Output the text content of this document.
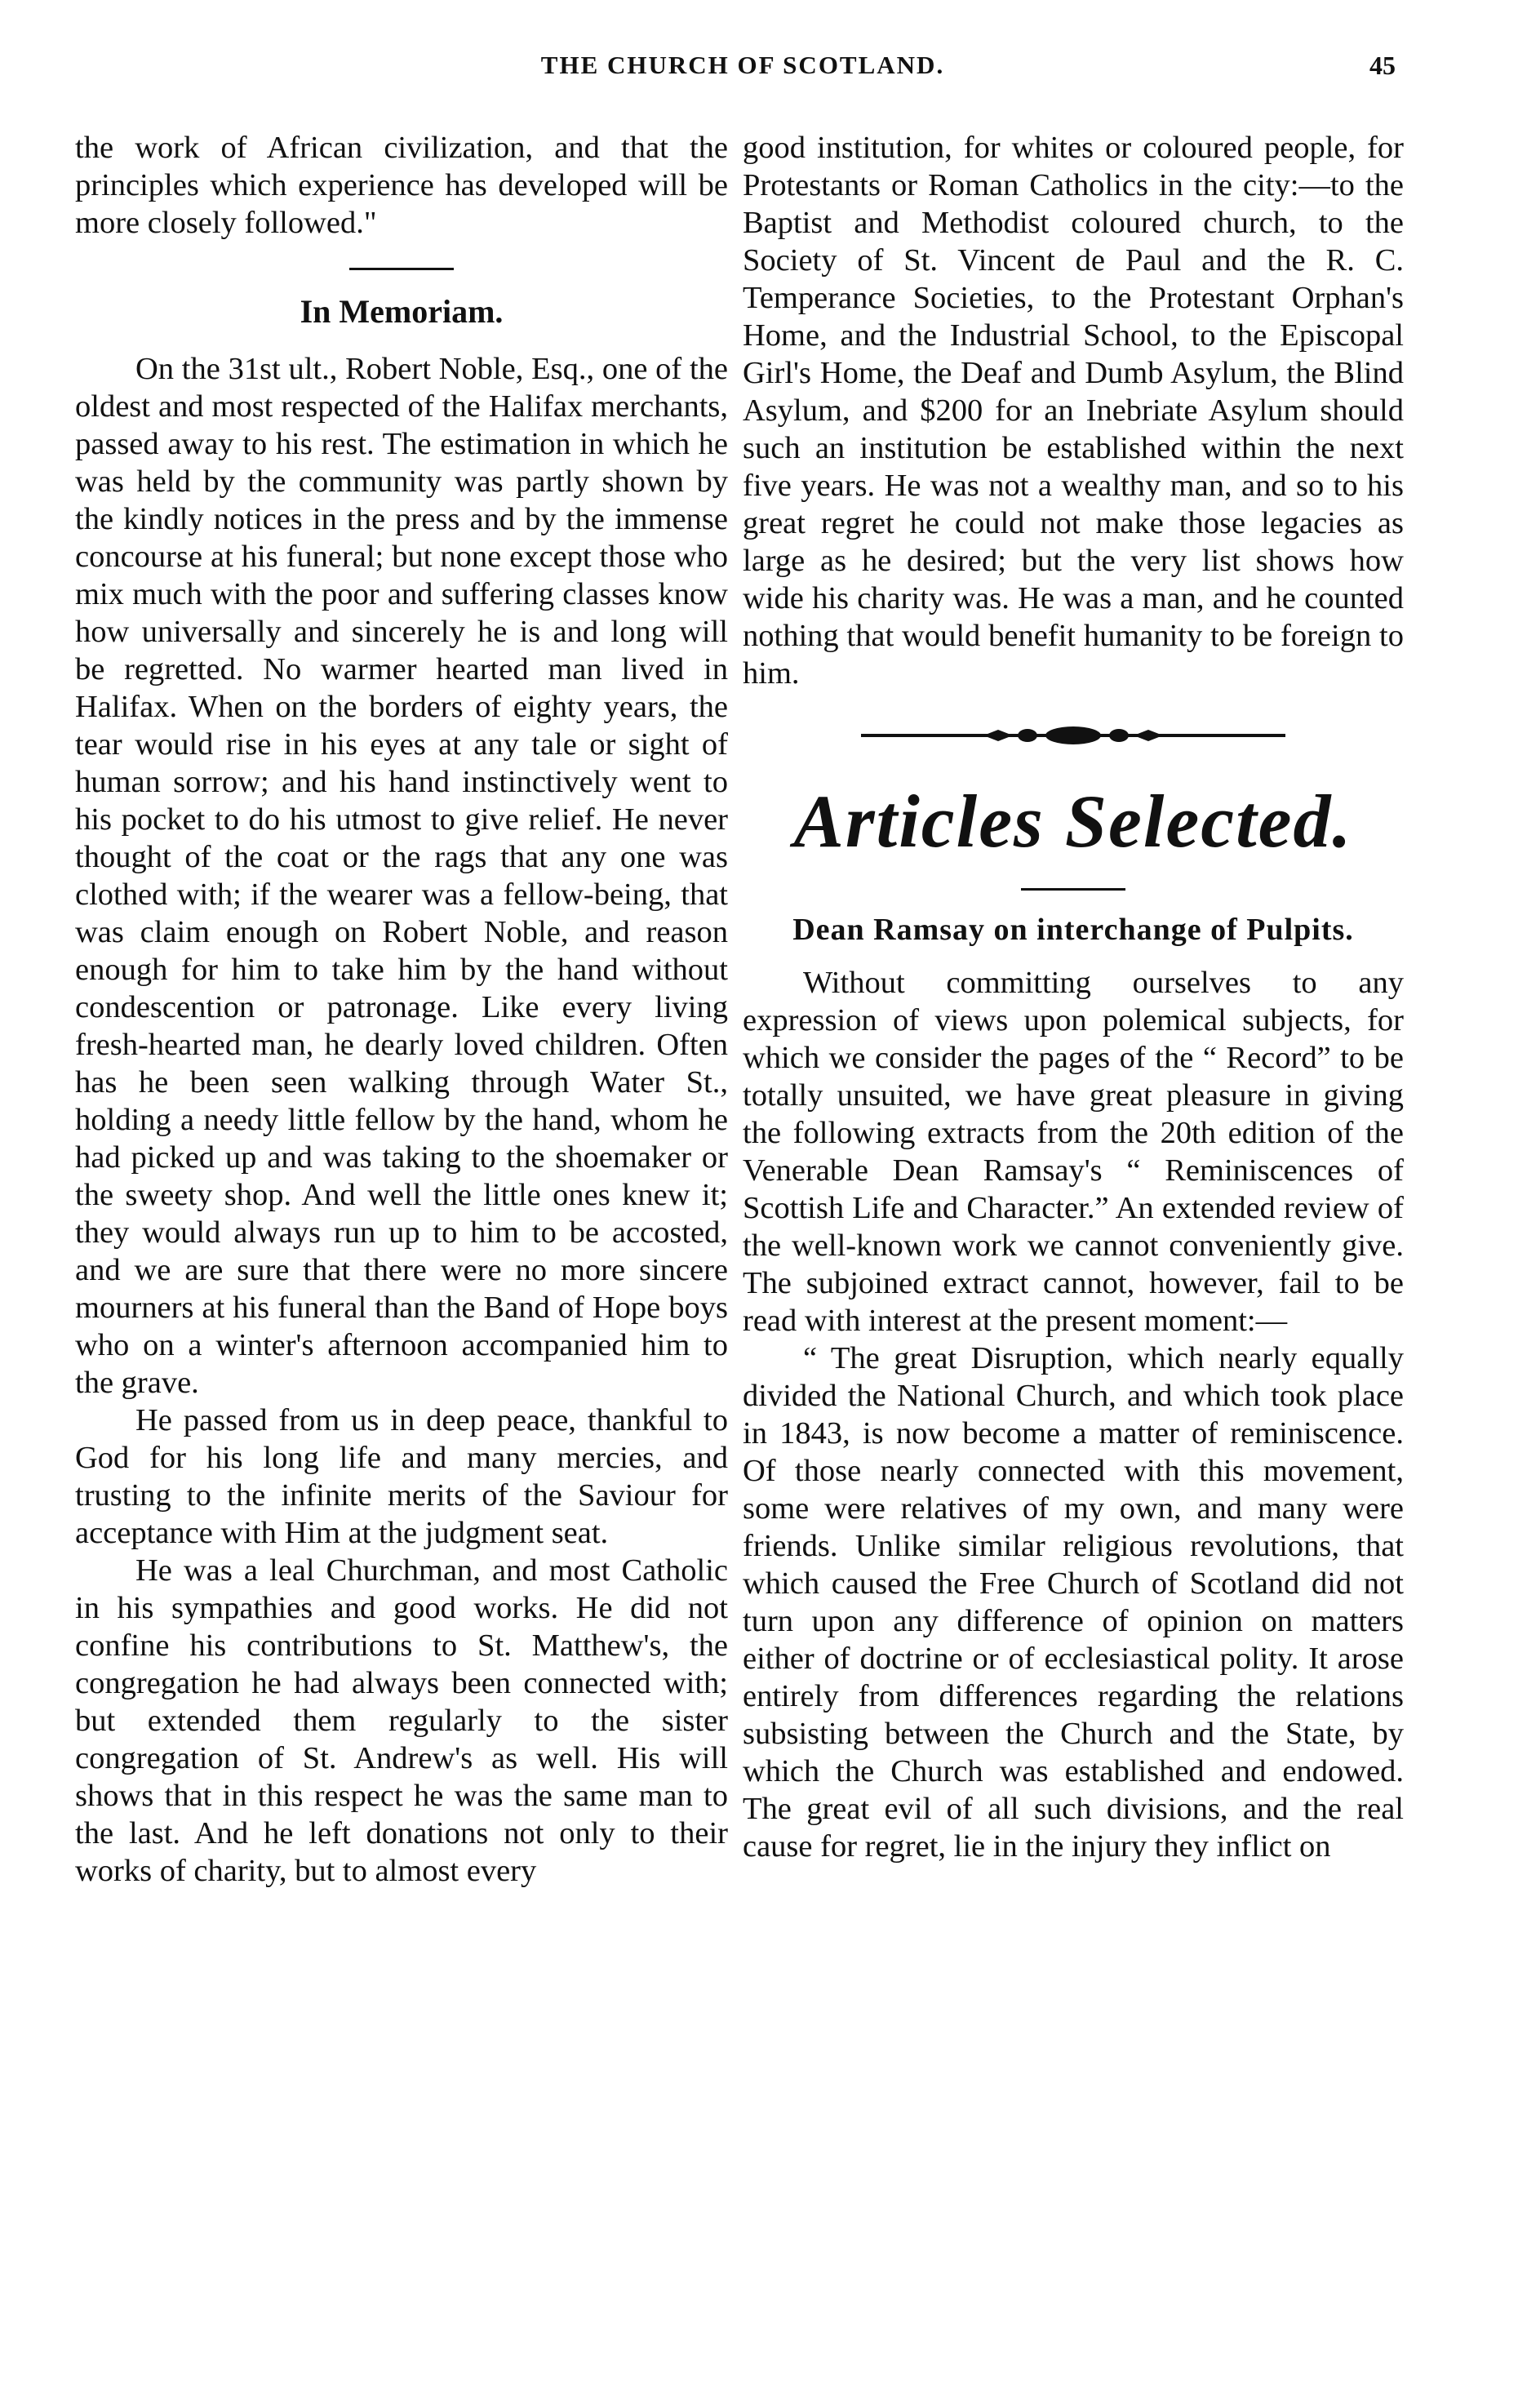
THE CHURCH OF SCOTLAND.	45

the work of African civilization, and that the principles which experience has developed will be more closely followed."

In Memoriam.

On the 31st ult., Robert Noble, Esq., one of the oldest and most respected of the Halifax merchants, passed away to his rest. The estimation in which he was held by the community was partly shown by the kindly notices in the press and by the immense concourse at his funeral; but none except those who mix much with the poor and suffering classes know how universally and sincerely he is and long will be regretted. No warmer hearted man lived in Halifax. When on the borders of eighty years, the tear would rise in his eyes at any tale or sight of human sorrow; and his hand instinctively went to his pocket to do his utmost to give relief. He never thought of the coat or the rags that any one was clothed with; if the wearer was a fellow-being, that was claim enough on Robert Noble, and reason enough for him to take him by the hand without condescention or patronage. Like every living fresh-hearted man, he dearly loved children. Often has he been seen walking through Water St., holding a needy little fellow by the hand, whom he had picked up and was taking to the shoemaker or the sweety shop. And well the little ones knew it; they would always run up to him to be accosted, and we are sure that there were no more sincere mourners at his funeral than the Band of Hope boys who on a winter's afternoon accompanied him to the grave.

He passed from us in deep peace, thankful to God for his long life and many mercies, and trusting to the infinite merits of the Saviour for acceptance with Him at the judgment seat.

He was a leal Churchman, and most Catholic in his sympathies and good works. He did not confine his contributions to St. Matthew's, the congregation he had always been connected with; but extended them regularly to the sister congregation of St. Andrew's as well. His will shows that in this respect he was the same man to the last. And he left donations not only to their works of charity, but to almost every

good institution, for whites or coloured people, for Protestants or Roman Catholics in the city:—to the Baptist and Methodist coloured church, to the Society of St. Vincent de Paul and the R. C. Temperance Societies, to the Protestant Orphan's Home, and the Industrial School, to the Episcopal Girl's Home, the Deaf and Dumb Asylum, the Blind Asylum, and $200 for an Inebriate Asylum should such an institution be established within the next five years. He was not a wealthy man, and so to his great regret he could not make those legacies as large as he desired; but the very list shows how wide his charity was. He was a man, and he counted nothing that would benefit humanity to be foreign to him.

Articles Selected.
Dean Ramsay on interchange of Pulpits.

Without committing ourselves to any expression of views upon polemical subjects, for which we consider the pages of the “ Record” to be totally unsuited, we have great pleasure in giving the following extracts from the 20th edition of the Venerable Dean Ramsay's “ Reminiscences of Scottish Life and Character.” An extended review of the well-known work we cannot conveniently give. The subjoined extract cannot, however, fail to be read with interest at the present moment:—

“ The great Disruption, which nearly equally divided the National Church, and which took place in 1843, is now become a matter of reminiscence. Of those nearly connected with this movement, some were relatives of my own, and many were friends. Unlike similar religious revolutions, that which caused the Free Church of Scotland did not turn upon any difference of opinion on matters either of doctrine or of ecclesiastical polity. It arose entirely from differences regarding the relations subsisting between the Church and the State, by which the Church was established and endowed. The great evil of all such divisions, and the real cause for regret, lie in the injury they inflict on
